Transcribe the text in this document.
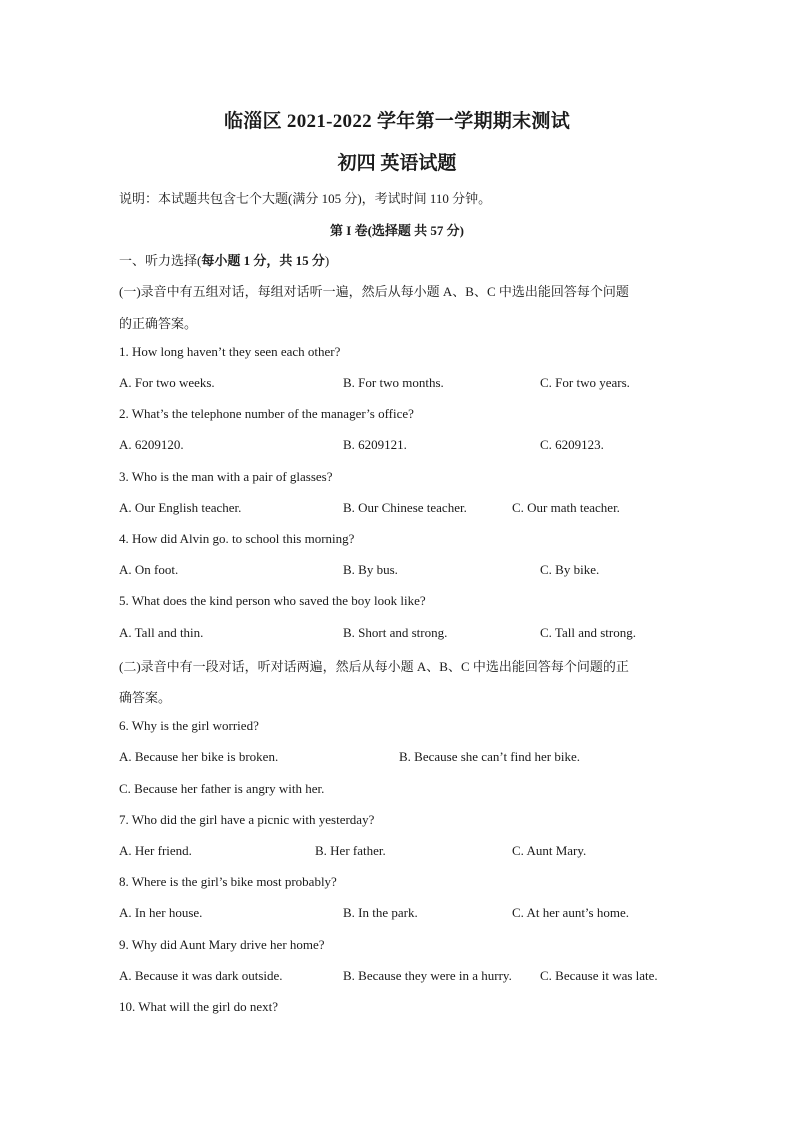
临淄区 2021-2022 学年第一学期期末测试
初四 英语试题
说明：本试题共包含七个大题(满分 105 分)，考试时间 110 分钟。
第 I 卷(选择题 共 57 分)
一、听力选择(每小题 1 分，共 15 分)
(一)录音中有五组对话，每组对话听一遍，然后从每小题 A、B、C 中选出能回答每个问题
的正确答案。
1. How long haven’t they seen each other?
A. For two weeks.	B. For two months.	C. For two years.
2. What’s the telephone number of the manager’s office?
A. 6209120.	B. 6209121.	C. 6209123.
3. Who is the man with a pair of glasses?
A. Our English teacher.	B. Our Chinese teacher.	C. Our math teacher.
4. How did Alvin go. to school this morning?
A. On foot.	B. By bus.	C. By bike.
5. What does the kind person who saved the boy look like?
A. Tall and thin.	B. Short and strong.	C. Tall and strong.
(二)录音中有一段对话，听对话两遍，然后从每小题 A、B、C 中选出能回答每个问题的正
确答案。
6. Why is the girl worried?
A. Because her bike is broken.	B. Because she can’t find her bike.
C. Because her father is angry with her.
7. Who did the girl have a picnic with yesterday?
A. Her friend.	B. Her father.	C. Aunt Mary.
8. Where is the girl’s bike most probably?
A. In her house.	B. In the park.	C. At her aunt’s home.
9. Why did Aunt Mary drive her home?
A. Because it was dark outside.	B. Because they were in a hurry. C. Because it was late.
10. What will the girl do next?
